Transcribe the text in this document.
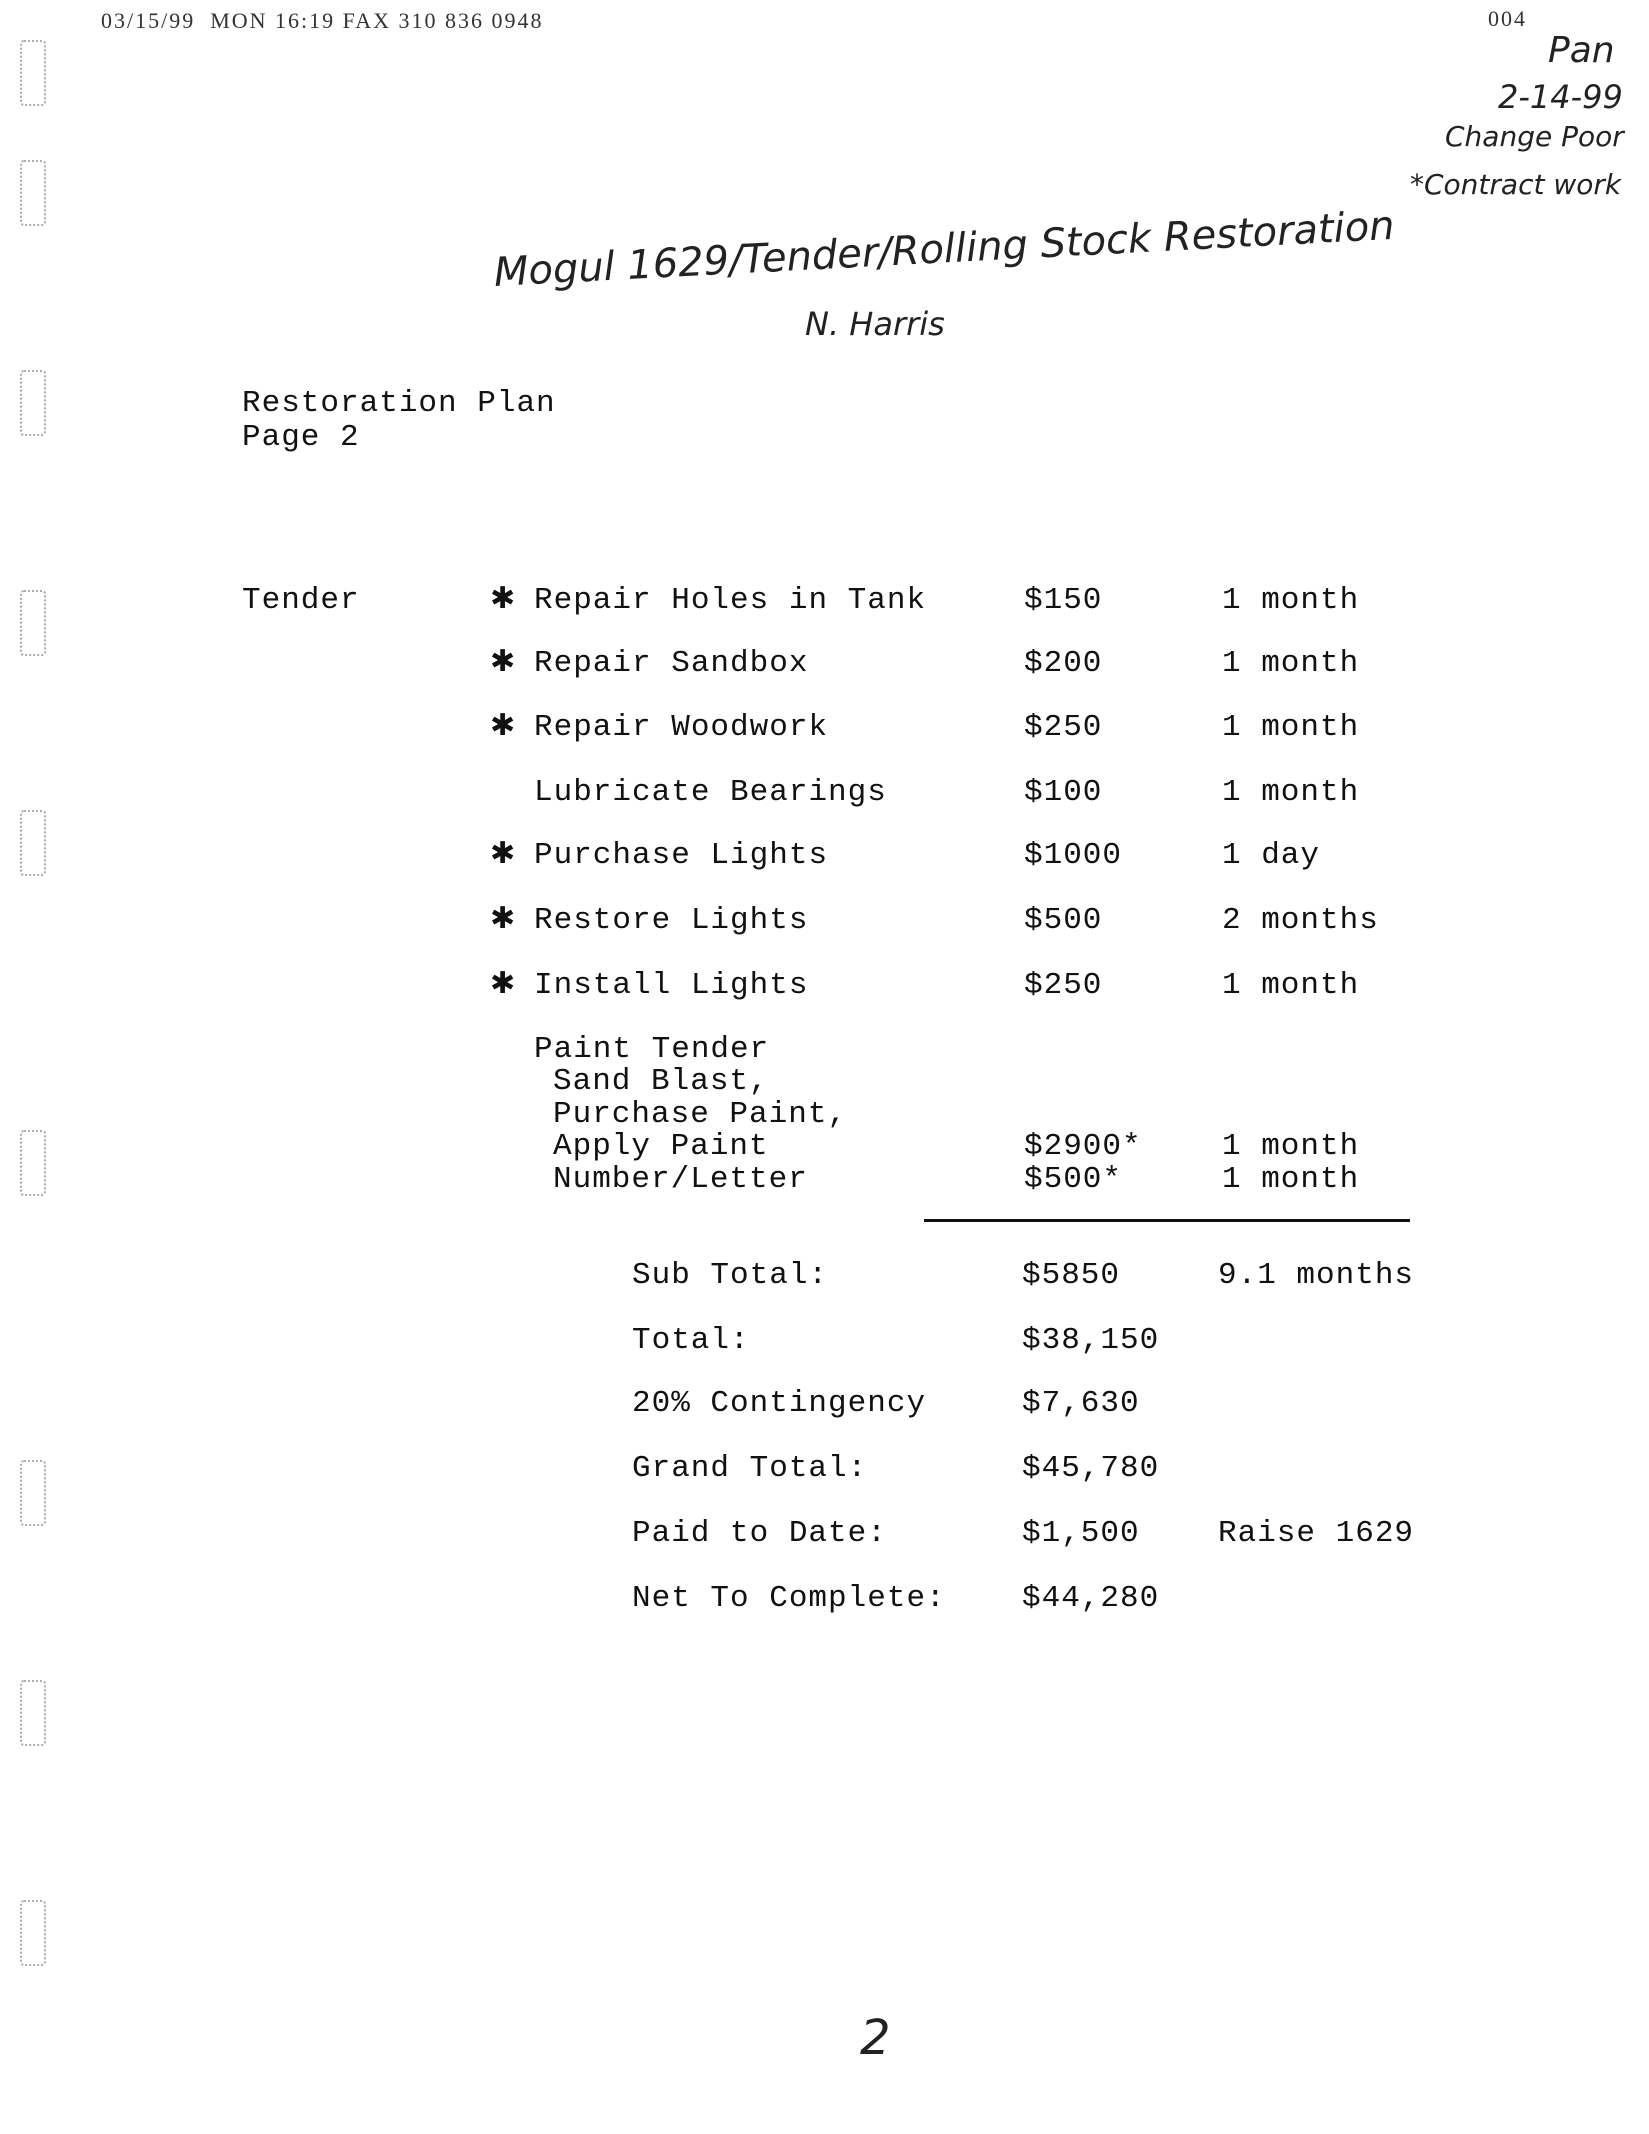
03/15/99  MON 16:19 FAX 310 836 0948	004
Pan
2-14-99
Change Poor
*Contract work
Mogul 1629/Tender/Rolling Stock Restoration
N. Harris
Restoration Plan
Page 2
Tender	✱ Repair Holes in Tank	$150	1 month
✱ Repair Sandbox	$200	1 month
✱ Repair Woodwork	$250	1 month
Lubricate Bearings	$100	1 month
✱ Purchase Lights	$1000	1 day
✱ Restore Lights	$500	2 months
✱ Install Lights	$250	1 month
Paint Tender
Sand Blast,
Purchase Paint,
Apply Paint	$2900*	1 month
Number/Letter	$500*	1 month
Sub Total:	$5850	9.1 months
Total:	$38,150
20% Contingency	$7,630
Grand Total:	$45,780
Paid to Date:	$1,500	Raise 1629
Net To Complete: $44,280
2
